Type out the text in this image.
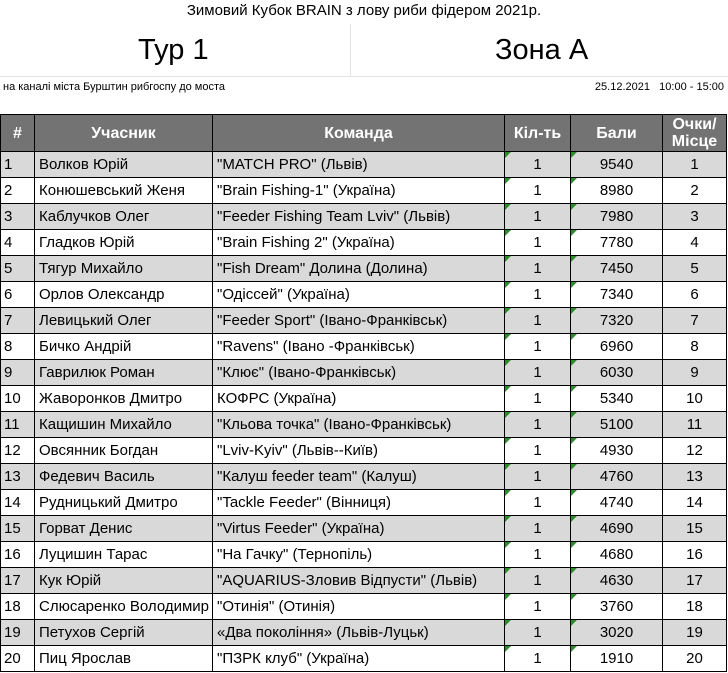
Зимовий Кубок BRAIN з лову риби фідером 2021р.
Тур 1	Зона А
на каналі міста Бурштин рибгоспу до моста	25.12.2021 10:00 - 15:00
#	Учасник	Команда	Кіл-ть	Бали	Очки/ Місце
1	Волков Юрій	"MATCH PRO" (Львів)	1	9540	1
2	Конюшевський Женя	"Brain Fishing-1" (Україна)	1	8980	2
3	Каблучков Олег	"Feeder Fishing Team Lviv" (Львів)	1	7980	3
4	Гладков Юрій	"Brain Fishing 2" (Україна)	1	7780	4
5	Тягур Михайло	"Fish Dream" Долина (Долина)	1	7450	5
6	Орлов Олександр	"Одіссей" (Україна)	1	7340	6
7	Левицький Олег	"Feeder Sport" (Івано-Франківськ)	1	7320	7
8	Бичко Андрій	"Ravens" (Івано -Франківськ)	1	6960	8
9	Гаврилюк Роман	"Клює" (Івано-Франківськ)	1	6030	9
10	Жаворонков Дмитро	КОФРС (Україна)	1	5340	10
11	Кащишин Михайло	"Кльова точка" (Івано-Франківськ)	1	5100	11
12	Овсянник Богдан	"Lviv-Kyiv" (Львів--Київ)	1	4930	12
13	Федевич Василь	"Калуш feeder team" (Калуш)	1	4760	13
14	Рудницький Дмитро	"Tackle Feeder" (Вінниця)	1	4740	14
15	Горват Денис	"Virtus Feeder" (Україна)	1	4690	15
16	Луцишин Тарас	"На Гачку" (Тернопіль)	1	4680	16
17	Кук Юрій	"AQUARIUS-Зловив Відпусти" (Львів)	1	4630	17
18	Слюсаренко Володимир	"Отинія" (Отинія)	1	3760	18
19	Петухов Сергій	«Два покоління» (Львів-Луцьк)	1	3020	19
20	Пиц Ярослав	"ПЗРК клуб" (Україна)	1	1910	20
